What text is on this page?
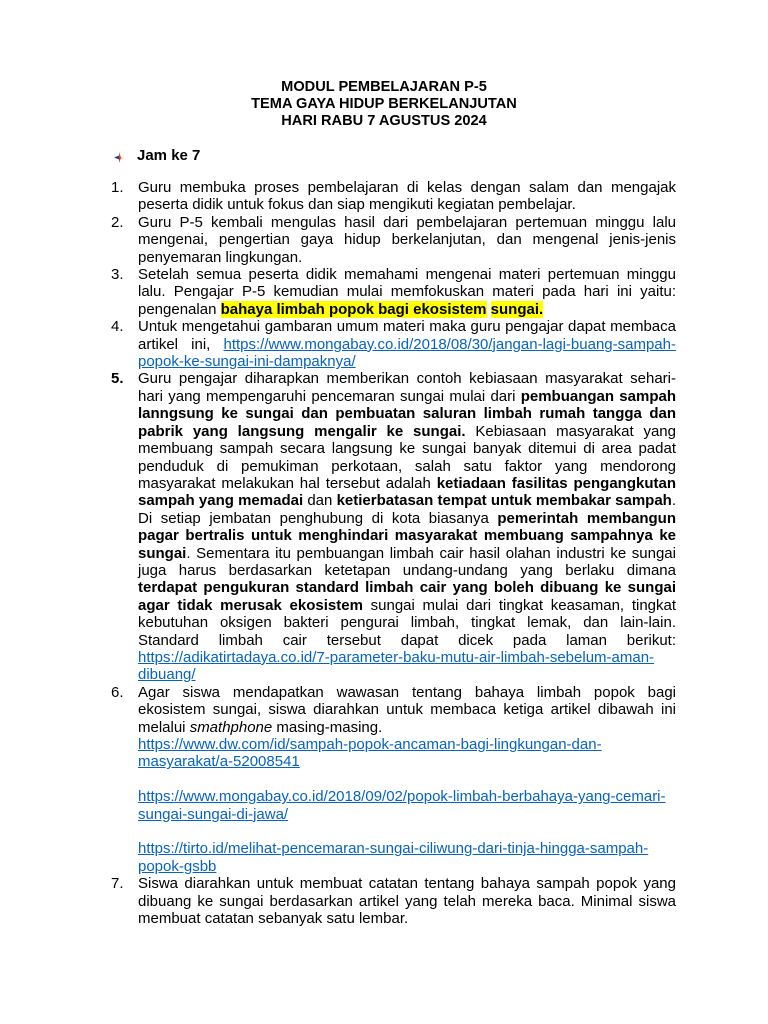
MODUL PEMBELAJARAN P-5
TEMA GAYA HIDUP BERKELANJUTAN
HARI RABU 7 AGUSTUS 2024
Jam ke 7
1. Guru membuka proses pembelajaran di kelas dengan salam dan mengajak peserta didik untuk fokus dan siap mengikuti kegiatan pembelajar.

2. Guru P-5 kembali mengulas hasil dari pembelajaran pertemuan minggu lalu mengenai, pengertian gaya hidup berkelanjutan, dan mengenal jenis-jenis penyemaran lingkungan.

3. Setelah semua peserta didik memahami mengenai materi pertemuan minggu lalu. Pengajar P-5 kemudian mulai memfokuskan materi pada hari ini yaitu: pengenalan bahaya limbah popok bagi ekosistem sungai.

4. Untuk mengetahui gambaran umum materi maka guru pengajar dapat membaca artikel ini, https://www.mongabay.co.id/2018/08/30/jangan-lagi-buang-sampah-popok-ke-sungai-ini-dampaknya/

5. Guru pengajar diharapkan memberikan contoh kebiasaan masyarakat sehari-hari yang mempengaruhi pencemaran sungai mulai dari pembuangan sampah lanngsung ke sungai dan pembuatan saluran limbah rumah tangga dan pabrik yang langsung mengalir ke sungai. Kebiasaan masyarakat yang membuang sampah secara langsung ke sungai banyak ditemui di area padat penduduk di pemukiman perkotaan, salah satu faktor yang mendorong masyarakat melakukan hal tersebut adalah ketiadaan fasilitas pengangkutan sampah yang memadai dan ketierbatasan tempat untuk membakar sampah. Di setiap jembatan penghubung di kota biasanya pemerintah membangun pagar bertralis untuk menghindari masyarakat membuang sampahnya ke sungai. Sementara itu pembuangan limbah cair hasil olahan industri ke sungai juga harus berdasarkan ketetapan undang-undang yang berlaku dimana terdapat pengukuran standard limbah cair yang boleh dibuang ke sungai agar tidak merusak ekosistem sungai mulai dari tingkat keasaman, tingkat kebutuhan oksigen bakteri pengurai limbah, tingkat lemak, dan lain-lain. Standard limbah cair tersebut dapat dicek pada laman berikut: https://adikatirtadaya.co.id/7-parameter-baku-mutu-air-limbah-sebelum-aman-dibuang/

6. Agar siswa mendapatkan wawasan tentang bahaya limbah popok bagi ekosistem sungai, siswa diarahkan untuk membaca ketiga artikel dibawah ini melalui smathphone masing-masing.

https://www.dw.com/id/sampah-popok-ancaman-bagi-lingkungan-dan-masyarakat/a-52008541

https://www.mongabay.co.id/2018/09/02/popok-limbah-berbahaya-yang-cemari-sungai-sungai-di-jawa/

https://tirto.id/melihat-pencemaran-sungai-ciliwung-dari-tinja-hingga-sampah-popok-gsbb

7. Siswa diarahkan untuk membuat catatan tentang bahaya sampah popok yang dibuang ke sungai berdasarkan artikel yang telah mereka baca. Minimal siswa membuat catatan sebanyak satu lembar.
